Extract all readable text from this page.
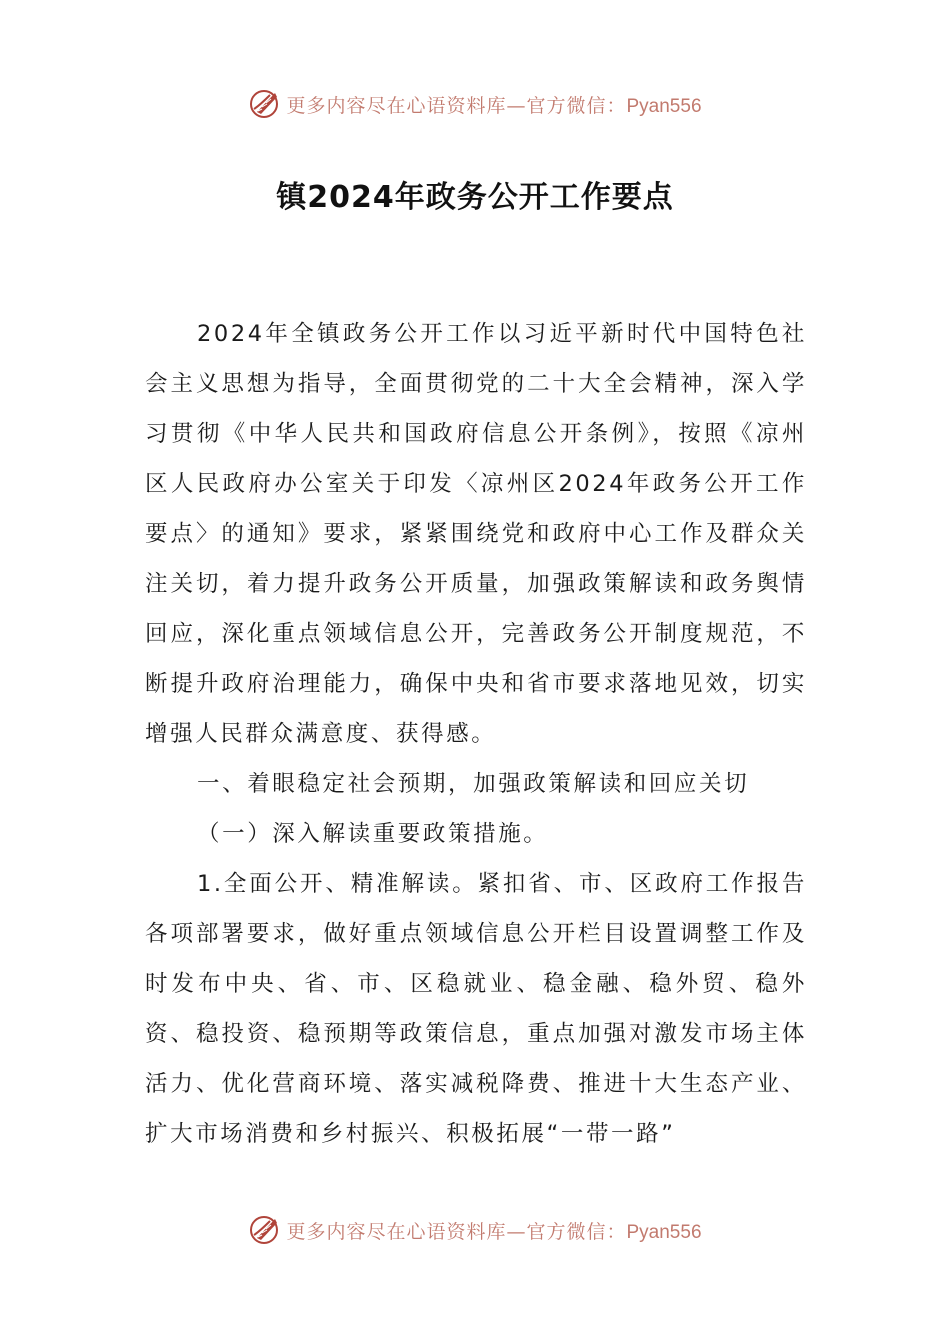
更多内容尽在心语资料库—官方微信：Pyan556
镇2024年政务公开工作要点

2024年全镇政务公开工作以习近平新时代中国特色社会主义思想为指导，全面贯彻党的二十大全会精神，深入学习贯彻《中华人民共和国政府信息公开条例》，按照《凉州区人民政府办公室关于印发〈凉州区2024年政务公开工作要点〉的通知》要求，紧紧围绕党和政府中心工作及群众关注关切，着力提升政务公开质量，加强政策解读和政务舆情回应，深化重点领域信息公开，完善政务公开制度规范，不断提升政府治理能力，确保中央和省市要求落地见效，切实增强人民群众满意度、获得感。

一、着眼稳定社会预期，加强政策解读和回应关切

（一）深入解读重要政策措施。

1.全面公开、精准解读。紧扣省、市、区政府工作报告各项部署要求，做好重点领域信息公开栏目设置调整工作及时发布中央、省、市、区稳就业、稳金融、稳外贸、稳外资、稳投资、稳预期等政策信息，重点加强对激发市场主体活力、优化营商环境、落实减税降费、推进十大生态产业、扩大市场消费和乡村振兴、积极拓展“一带一路”

更多内容尽在心语资料库—官方微信：Pyan556
